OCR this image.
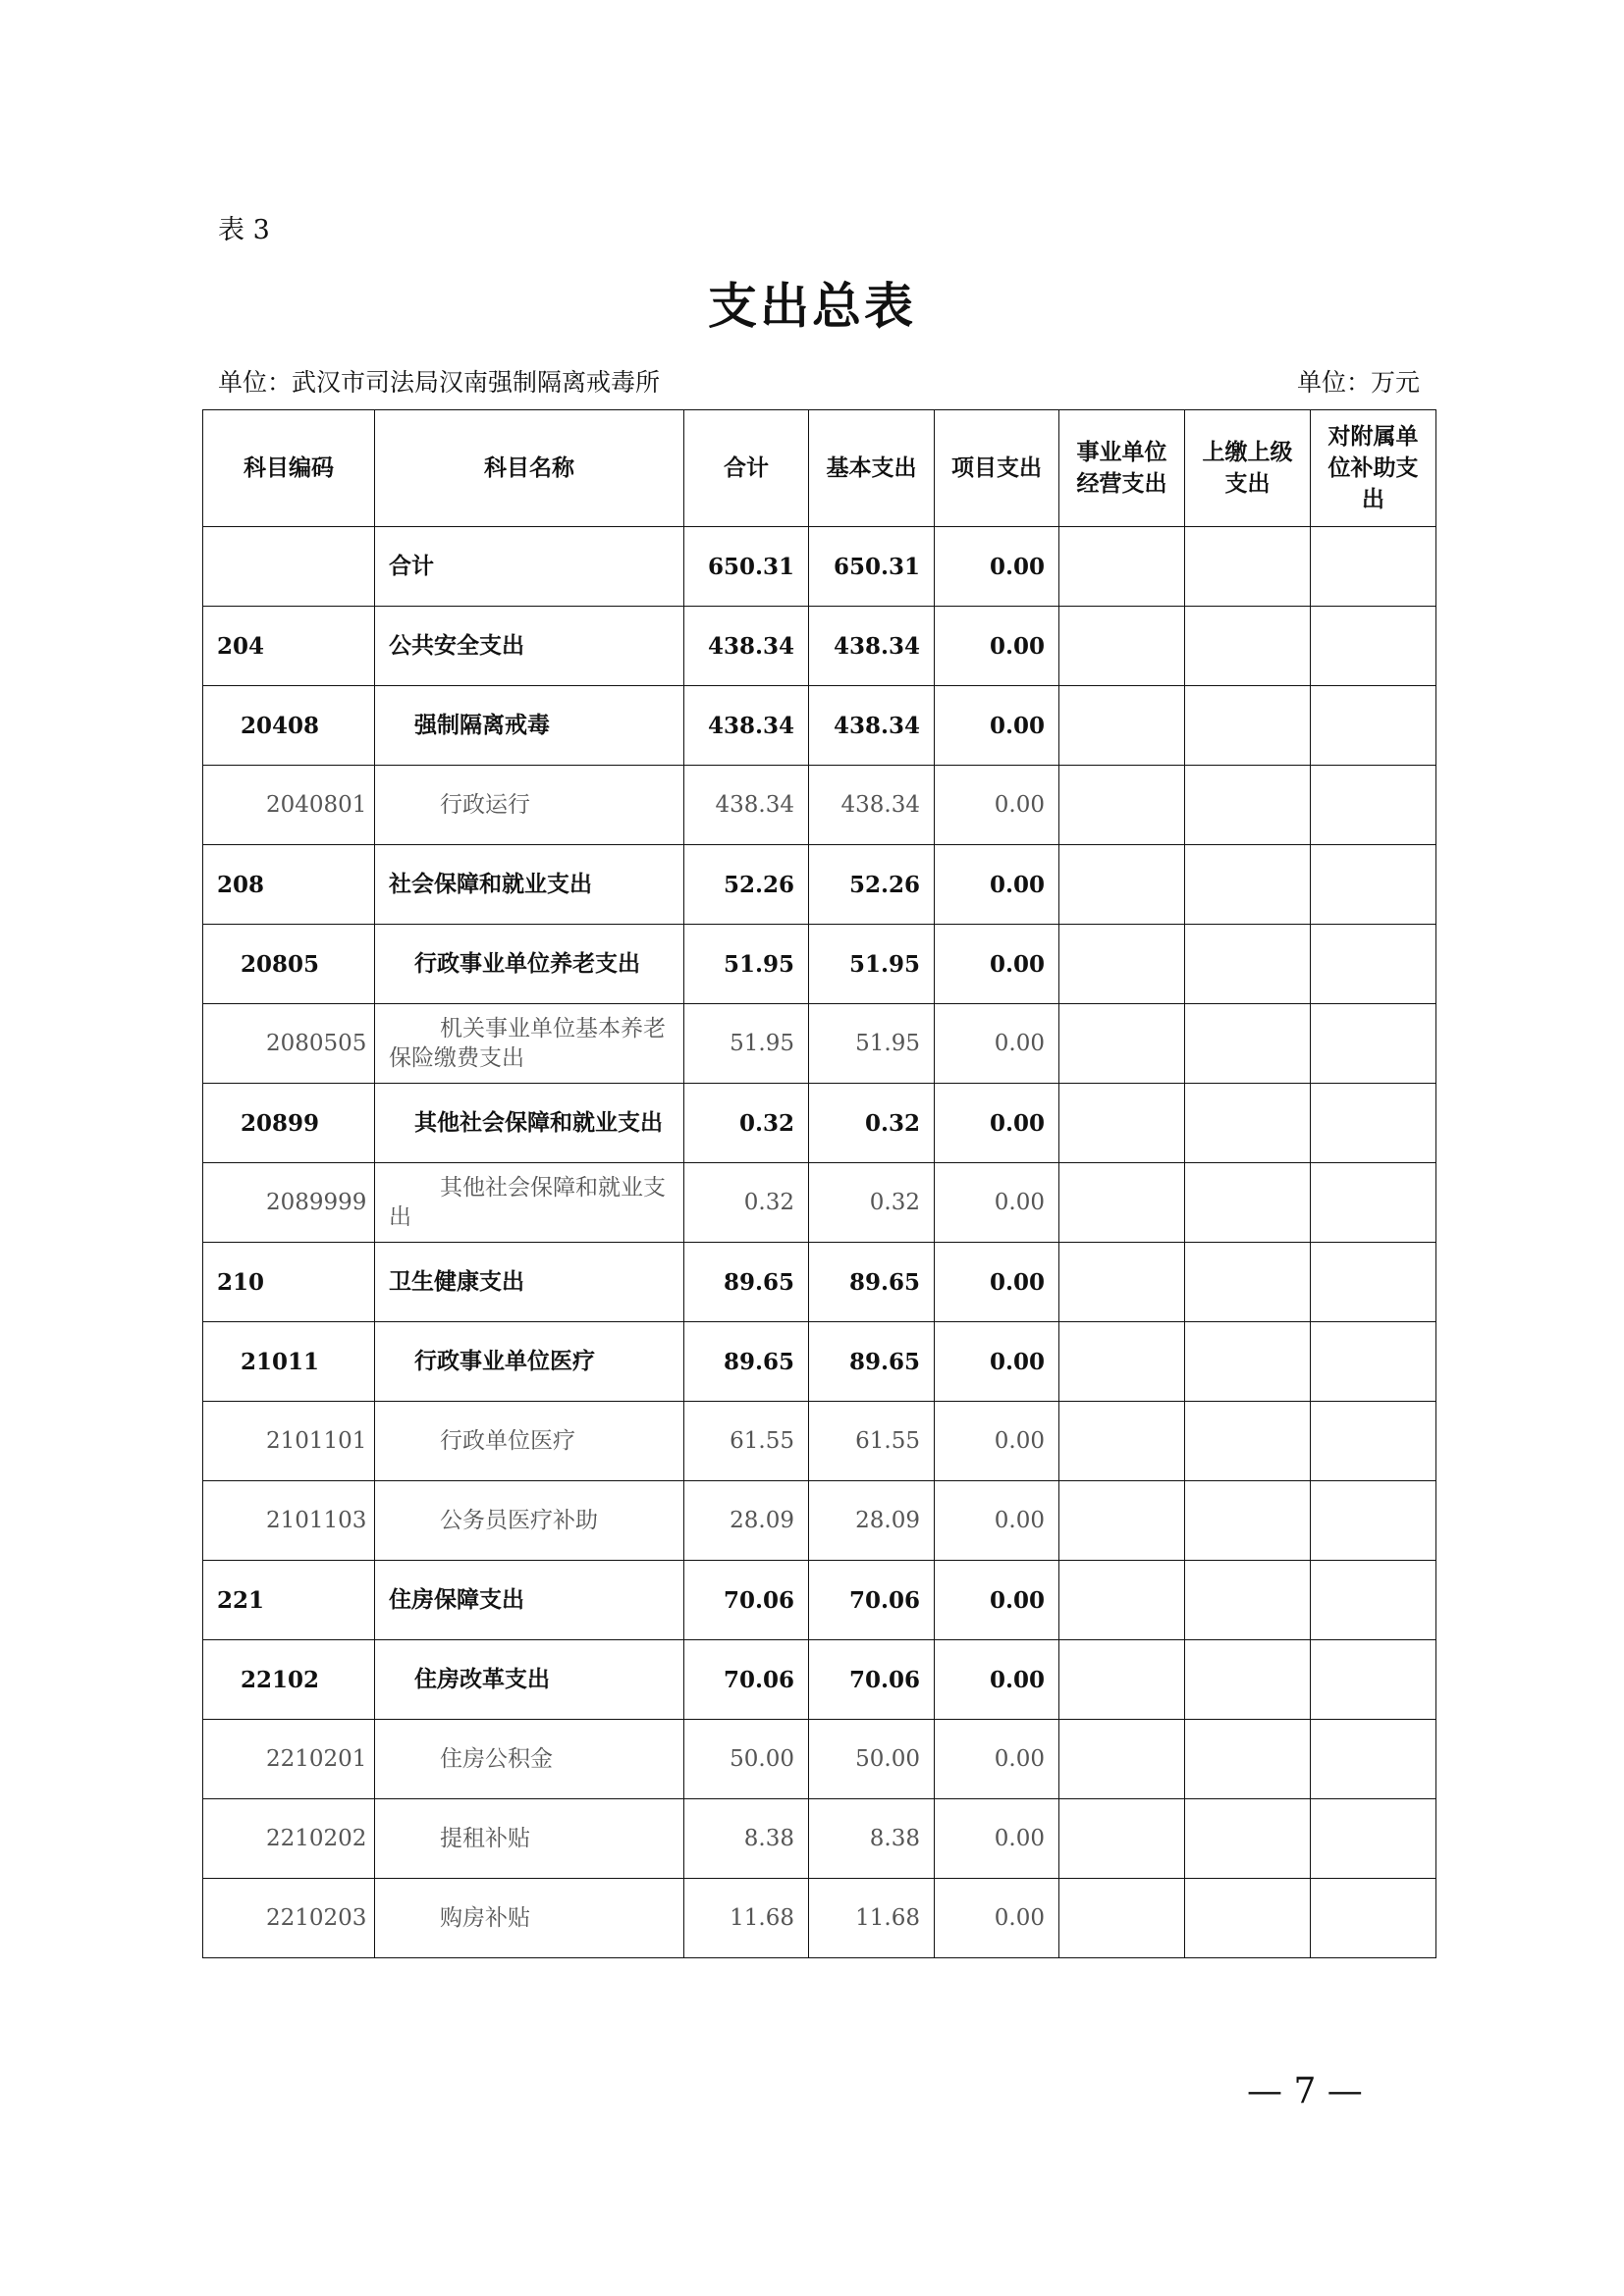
表 3
支出总表
单位：武汉市司法局汉南强制隔离戒毒所	单位：万元
科目编码	科目名称	合计	基本支出	项目支出	事业单位经营支出	上缴上级支出	对附属单位补助支出
	合计	650.31	650.31	0.00			
204	公共安全支出	438.34	438.34	0.00			
20408	强制隔离戒毒	438.34	438.34	0.00			
2040801	行政运行	438.34	438.34	0.00			
208	社会保障和就业支出	52.26	52.26	0.00			
20805	行政事业单位养老支出	51.95	51.95	0.00			
2080505	机关事业单位基本养老保险缴费支出	51.95	51.95	0.00			
20899	其他社会保障和就业支出	0.32	0.32	0.00			
2089999	其他社会保障和就业支出	0.32	0.32	0.00			
210	卫生健康支出	89.65	89.65	0.00			
21011	行政事业单位医疗	89.65	89.65	0.00			
2101101	行政单位医疗	61.55	61.55	0.00			
2101103	公务员医疗补助	28.09	28.09	0.00			
221	住房保障支出	70.06	70.06	0.00			
22102	住房改革支出	70.06	70.06	0.00			
2210201	住房公积金	50.00	50.00	0.00			
2210202	提租补贴	8.38	8.38	0.00			
2210203	购房补贴	11.68	11.68	0.00			
— 7 —
